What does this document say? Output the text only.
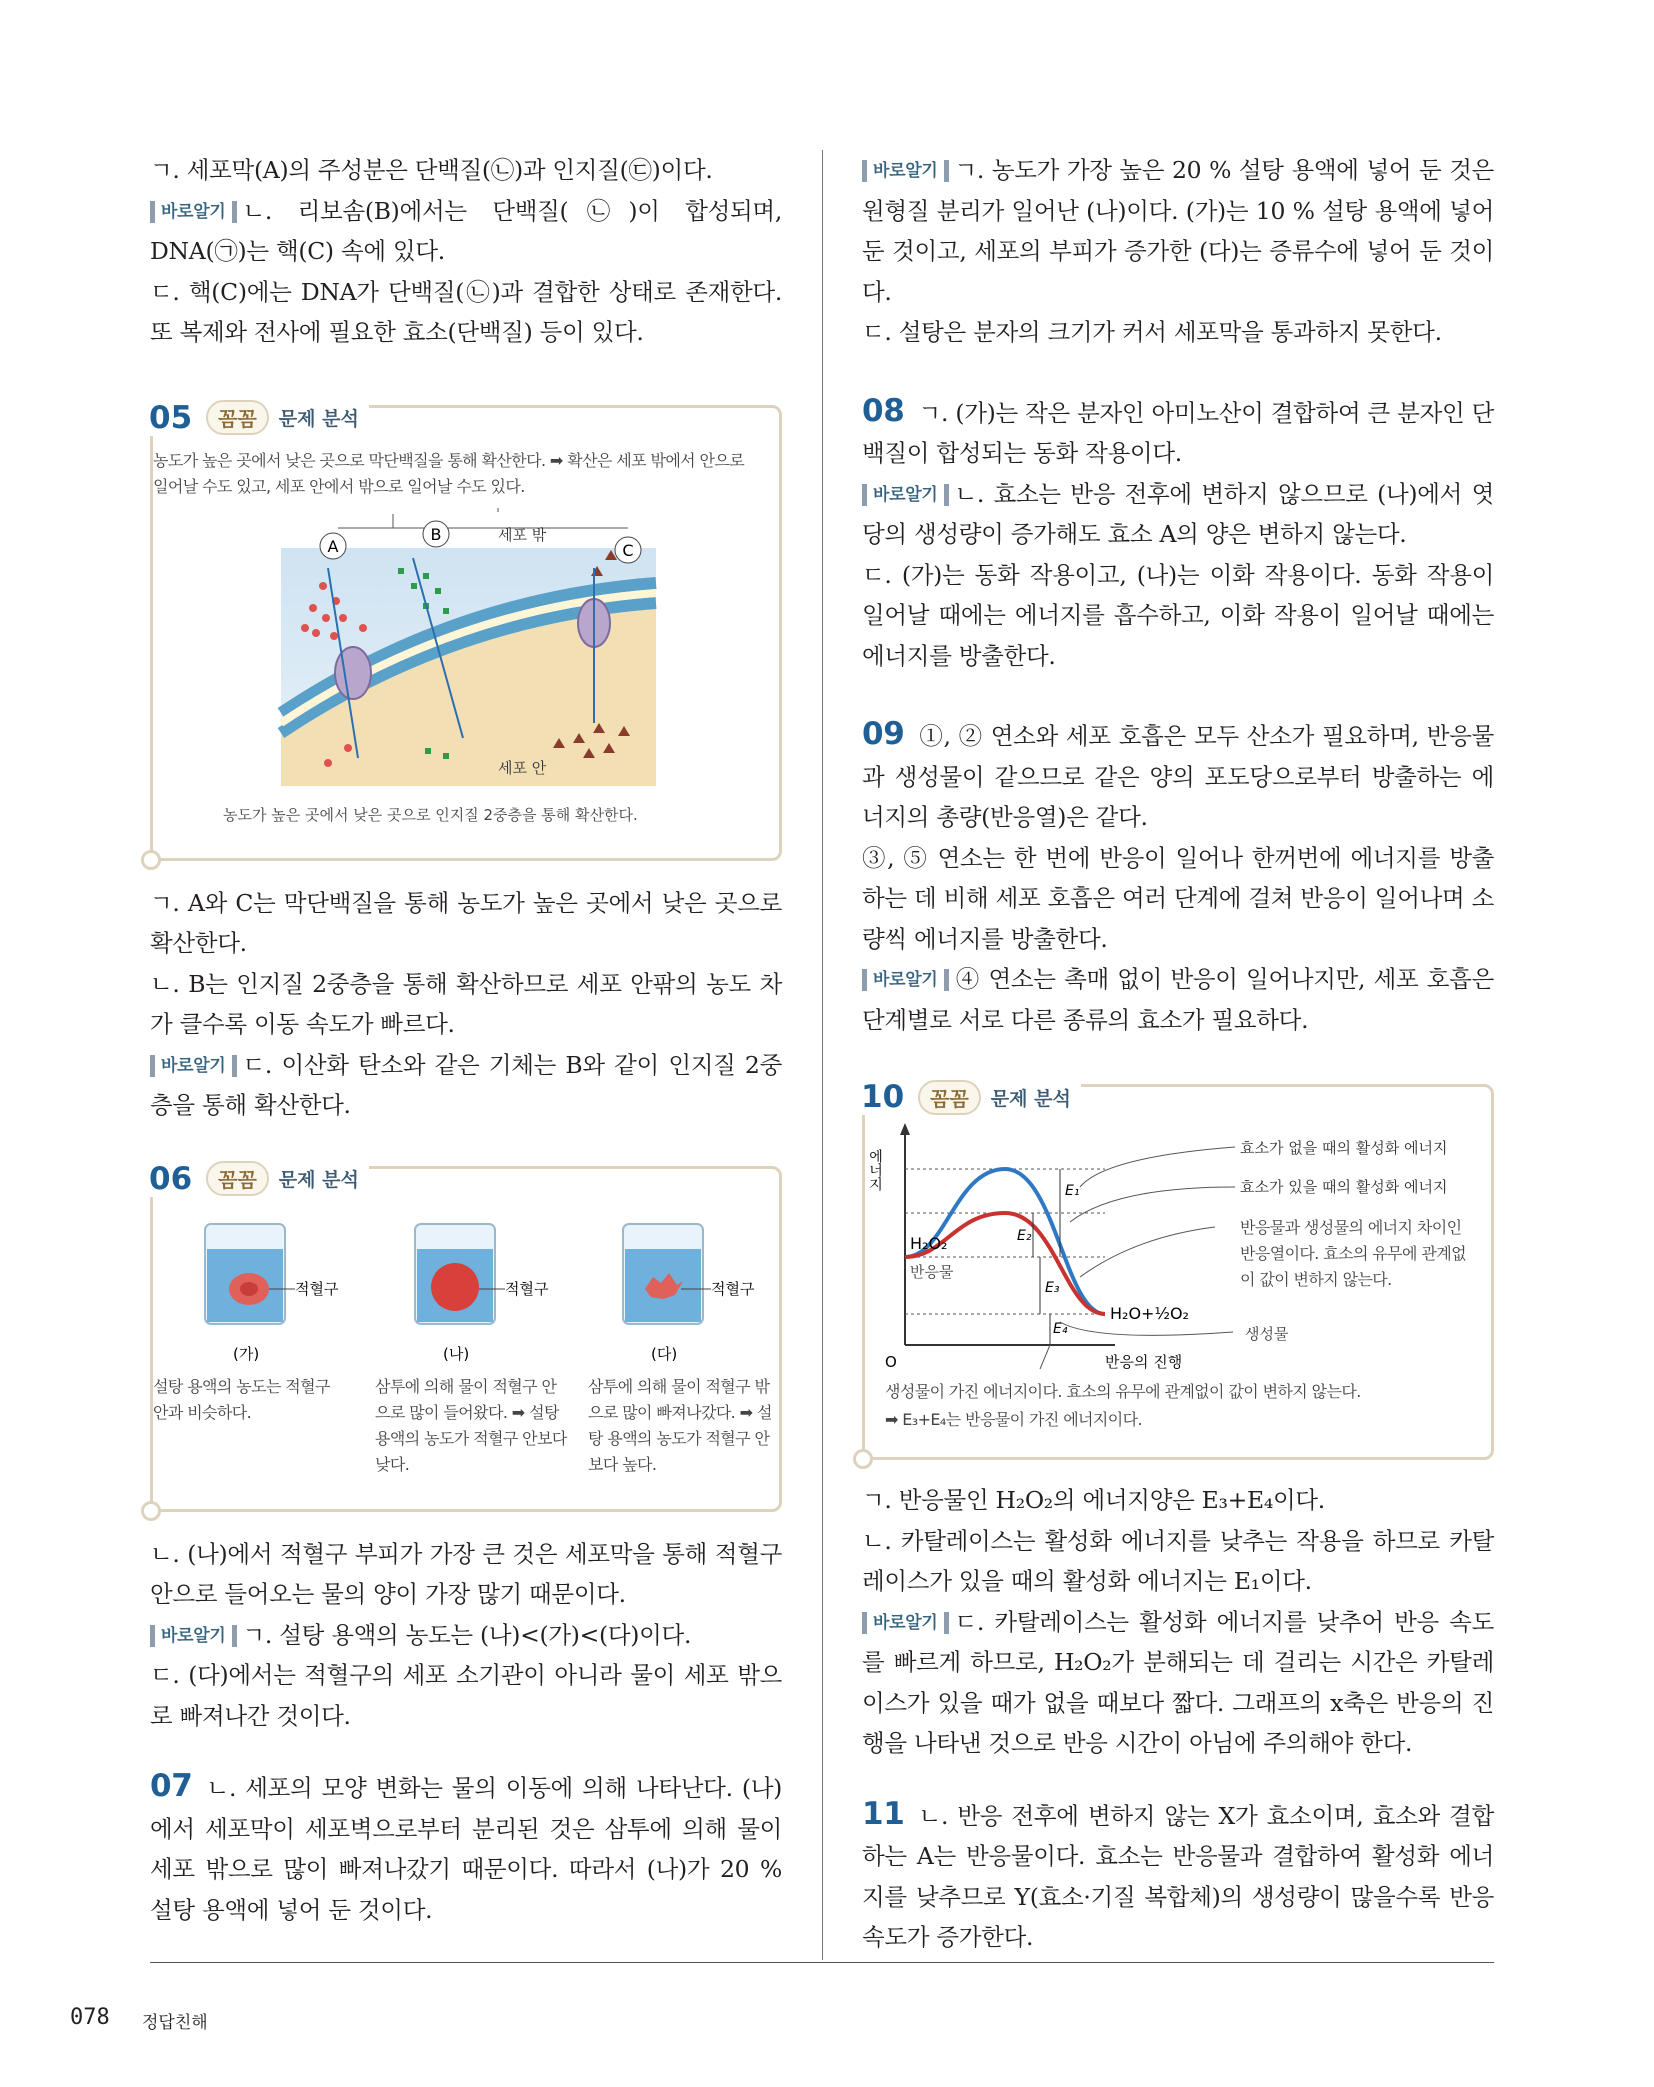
ㄱ. 세포막(A)의 주성분은 단백질(㉡)과 인지질(㉢)이다.

바로알기 ㄴ. 리보솜(B)에서는 단백질(㉡)이 합성되며, DNA(㉠)는 핵(C) 속에 있다.

ㄷ. 핵(C)에는 DNA가 단백질(㉡)과 결합한 상태로 존재한다. 또 복제와 전사에 필요한 효소(단백질) 등이 있다.

05	꼼꼼	문제 분석
농도가 높은 곳에서 낮은 곳으로 막단백질을 통해 확산한다. ➡ 확산은 세포 밖에서 안으로 일어날 수도 있고, 세포 안에서 밖으로 일어날 수도 있다.
A
B
C
세포 밖
세포 안
농도가 높은 곳에서 낮은 곳으로 인지질 2중층을 통해 확산한다.

ㄱ. A와 C는 막단백질을 통해 농도가 높은 곳에서 낮은 곳으로 확산한다.

ㄴ. B는 인지질 2중층을 통해 확산하므로 세포 안팎의 농도 차가 클수록 이동 속도가 빠르다.

바로알기 ㄷ. 이산화 탄소와 같은 기체는 B와 같이 인지질 2중층을 통해 확산한다.

06	꼼꼼	문제 분석
적혈구
(가)
적혈구
(나)
적혈구
(다)
설탕 용액의 농도는 적혈구 안과 비슷하다.
삼투에 의해 물이 적혈구 안으로 많이 들어왔다. ➡ 설탕 용액의 농도가 적혈구 안보다 낮다.
삼투에 의해 물이 적혈구 밖으로 많이 빠져나갔다. ➡ 설탕 용액의 농도가 적혈구 안보다 높다.

ㄴ. (나)에서 적혈구 부피가 가장 큰 것은 세포막을 통해 적혈구 안으로 들어오는 물의 양이 가장 많기 때문이다.

바로알기 ㄱ. 설탕 용액의 농도는 (나)<(가)<(다)이다.

ㄷ. (다)에서는 적혈구의 세포 소기관이 아니라 물이 세포 밖으로 빠져나간 것이다.

07 ㄴ. 세포의 모양 변화는 물의 이동에 의해 나타난다. (나)에서 세포막이 세포벽으로부터 분리된 것은 삼투에 의해 물이 세포 밖으로 많이 빠져나갔기 때문이다. 따라서 (나)가 20 % 설탕 용액에 넣어 둔 것이다.

바로알기 ㄱ. 농도가 가장 높은 20 % 설탕 용액에 넣어 둔 것은 원형질 분리가 일어난 (나)이다. (가)는 10 % 설탕 용액에 넣어 둔 것이고, 세포의 부피가 증가한 (다)는 증류수에 넣어 둔 것이다.

ㄷ. 설탕은 분자의 크기가 커서 세포막을 통과하지 못한다.

08 ㄱ. (가)는 작은 분자인 아미노산이 결합하여 큰 분자인 단백질이 합성되는 동화 작용이다.

바로알기 ㄴ. 효소는 반응 전후에 변하지 않으므로 (나)에서 엿당의 생성량이 증가해도 효소 A의 양은 변하지 않는다.

ㄷ. (가)는 동화 작용이고, (나)는 이화 작용이다. 동화 작용이 일어날 때에는 에너지를 흡수하고, 이화 작용이 일어날 때에는 에너지를 방출한다.

09 ①, ② 연소와 세포 호흡은 모두 산소가 필요하며, 반응물과 생성물이 같으므로 같은 양의 포도당으로부터 방출하는 에너지의 총량(반응열)은 같다.

③, ⑤ 연소는 한 번에 반응이 일어나 한꺼번에 에너지를 방출하는 데 비해 세포 호흡은 여러 단계에 걸쳐 반응이 일어나며 소량씩 에너지를 방출한다.

바로알기 ④ 연소는 촉매 없이 반응이 일어나지만, 세포 호흡은 단계별로 서로 다른 종류의 효소가 필요하다.

10	꼼꼼	문제 분석
에너지
O	반응의 진행
E₁
E₂
E₃
E₄
H₂O₂
반응물
H₂O+½O₂
생성물
효소가 없을 때의 활성화 에너지
효소가 있을 때의 활성화 에너지
반응물과 생성물의 에너지 차이인 반응열이다. 효소의 유무에 관계없이 값이 변하지 않는다.
생성물이 가진 에너지이다. 효소의 유무에 관계없이 값이 변하지 않는다.
➡ E₃+E₄는 반응물이 가진 에너지이다.

ㄱ. 반응물인 H₂O₂의 에너지양은 E₃+E₄이다.

ㄴ. 카탈레이스는 활성화 에너지를 낮추는 작용을 하므로 카탈레이스가 있을 때의 활성화 에너지는 E₁이다.

바로알기 ㄷ. 카탈레이스는 활성화 에너지를 낮추어 반응 속도를 빠르게 하므로, H₂O₂가 분해되는 데 걸리는 시간은 카탈레이스가 있을 때가 없을 때보다 짧다. 그래프의 x축은 반응의 진행을 나타낸 것으로 반응 시간이 아님에 주의해야 한다.

11 ㄴ. 반응 전후에 변하지 않는 X가 효소이며, 효소와 결합하는 A는 반응물이다. 효소는 반응물과 결합하여 활성화 에너지를 낮추므로 Y(효소·기질 복합체)의 생성량이 많을수록 반응 속도가 증가한다.

078 정답친해
